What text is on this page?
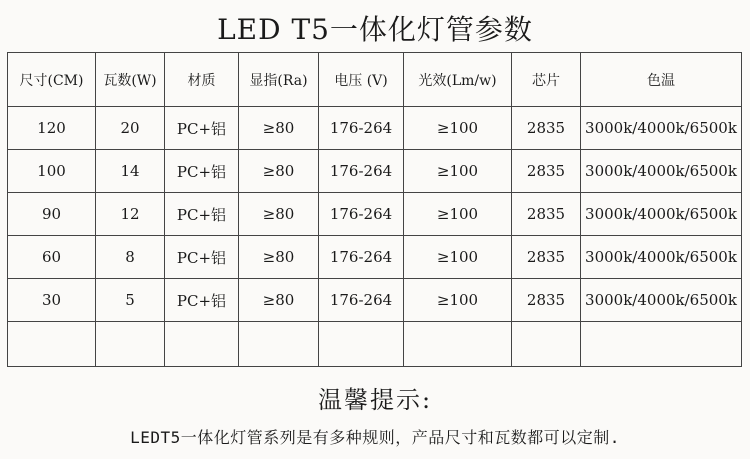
LED T5一体化灯管参数
尺寸(CM)	瓦数(W)	材质	显指(Ra)	电压 (V)	光效(Lm/w)	芯片	色温
120	20	PC+铝	≥80	176-264	≥100	2835	3000k/4000k/6500k
100	14	PC+铝	≥80	176-264	≥100	2835	3000k/4000k/6500k
90	12	PC+铝	≥80	176-264	≥100	2835	3000k/4000k/6500k
60	8	PC+铝	≥80	176-264	≥100	2835	3000k/4000k/6500k
30	5	PC+铝	≥80	176-264	≥100	2835	3000k/4000k/6500k

温馨提示:
LEDT5一体化灯管系列是有多种规则，产品尺寸和瓦数都可以定制.
